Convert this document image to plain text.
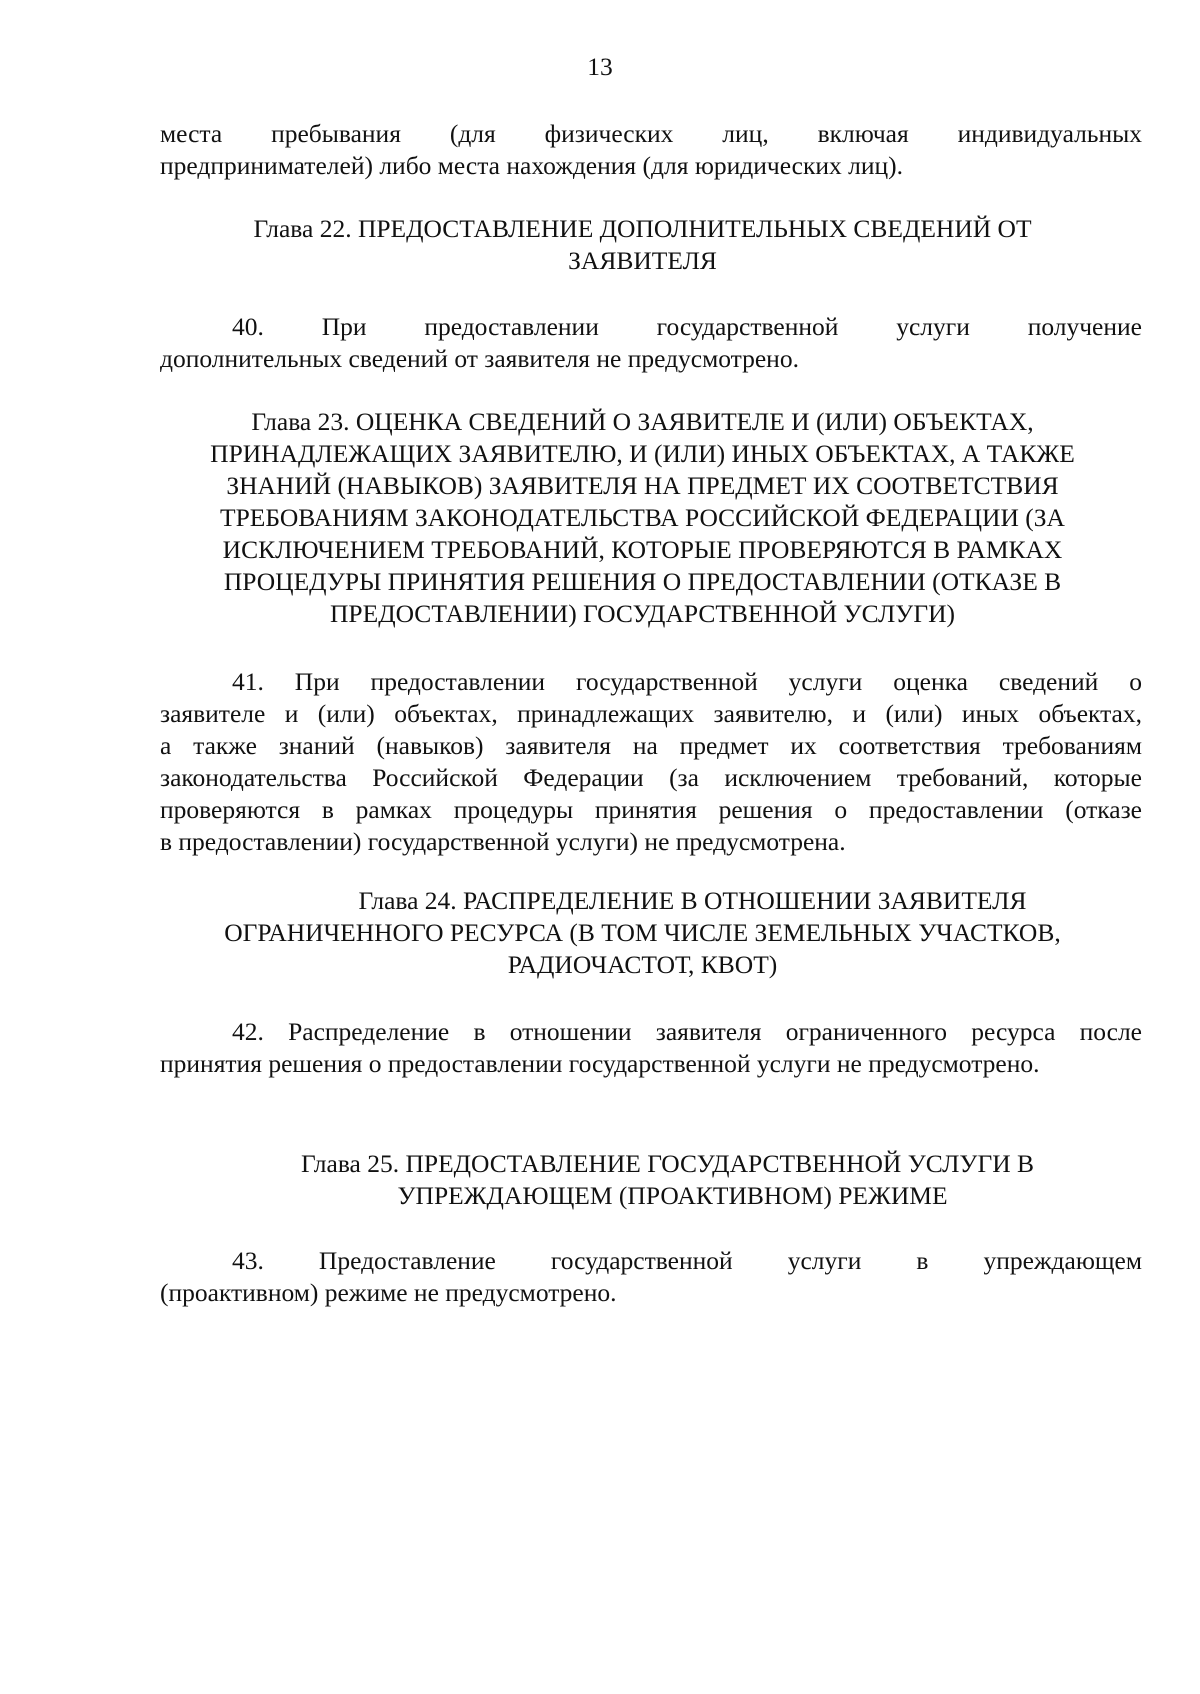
13
места пребывания (для физических лиц, включая индивидуальных
предпринимателей) либо места нахождения (для юридических лиц).
Глава 22. ПРЕДОСТАВЛЕНИЕ ДОПОЛНИТЕЛЬНЫХ СВЕДЕНИЙ ОТ
ЗАЯВИТЕЛЯ
40. При предоставлении государственной услуги получение
дополнительных сведений от заявителя не предусмотрено.
Глава 23. ОЦЕНКА СВЕДЕНИЙ О ЗАЯВИТЕЛЕ И (ИЛИ) ОБЪЕКТАХ,
ПРИНАДЛЕЖАЩИХ ЗАЯВИТЕЛЮ, И (ИЛИ) ИНЫХ ОБЪЕКТАХ, А ТАКЖЕ
ЗНАНИЙ (НАВЫКОВ) ЗАЯВИТЕЛЯ НА ПРЕДМЕТ ИХ СООТВЕТСТВИЯ
ТРЕБОВАНИЯМ ЗАКОНОДАТЕЛЬСТВА РОССИЙСКОЙ ФЕДЕРАЦИИ (ЗА
ИСКЛЮЧЕНИЕМ ТРЕБОВАНИЙ, КОТОРЫЕ ПРОВЕРЯЮТСЯ В РАМКАХ
ПРОЦЕДУРЫ ПРИНЯТИЯ РЕШЕНИЯ О ПРЕДОСТАВЛЕНИИ (ОТКАЗЕ В
ПРЕДОСТАВЛЕНИИ) ГОСУДАРСТВЕННОЙ УСЛУГИ)
41. При предоставлении государственной услуги оценка сведений о
заявителе и (или) объектах, принадлежащих заявителю, и (или) иных объектах,
а также знаний (навыков) заявителя на предмет их соответствия требованиям
законодательства Российской Федерации (за исключением требований, которые
проверяются в рамках процедуры принятия решения о предоставлении (отказе
в предоставлении) государственной услуги) не предусмотрена.
Глава 24. РАСПРЕДЕЛЕНИЕ В ОТНОШЕНИИ ЗАЯВИТЕЛЯ
ОГРАНИЧЕННОГО РЕСУРСА (В ТОМ ЧИСЛЕ ЗЕМЕЛЬНЫХ УЧАСТКОВ,
РАДИОЧАСТОТ, КВОТ)
42. Распределение в отношении заявителя ограниченного ресурса после
принятия решения о предоставлении государственной услуги не предусмотрено.
Глава 25. ПРЕДОСТАВЛЕНИЕ ГОСУДАРСТВЕННОЙ УСЛУГИ В
УПРЕЖДАЮЩЕМ (ПРОАКТИВНОМ) РЕЖИМЕ
43. Предоставление государственной услуги в упреждающем
(проактивном) режиме не предусмотрено.
